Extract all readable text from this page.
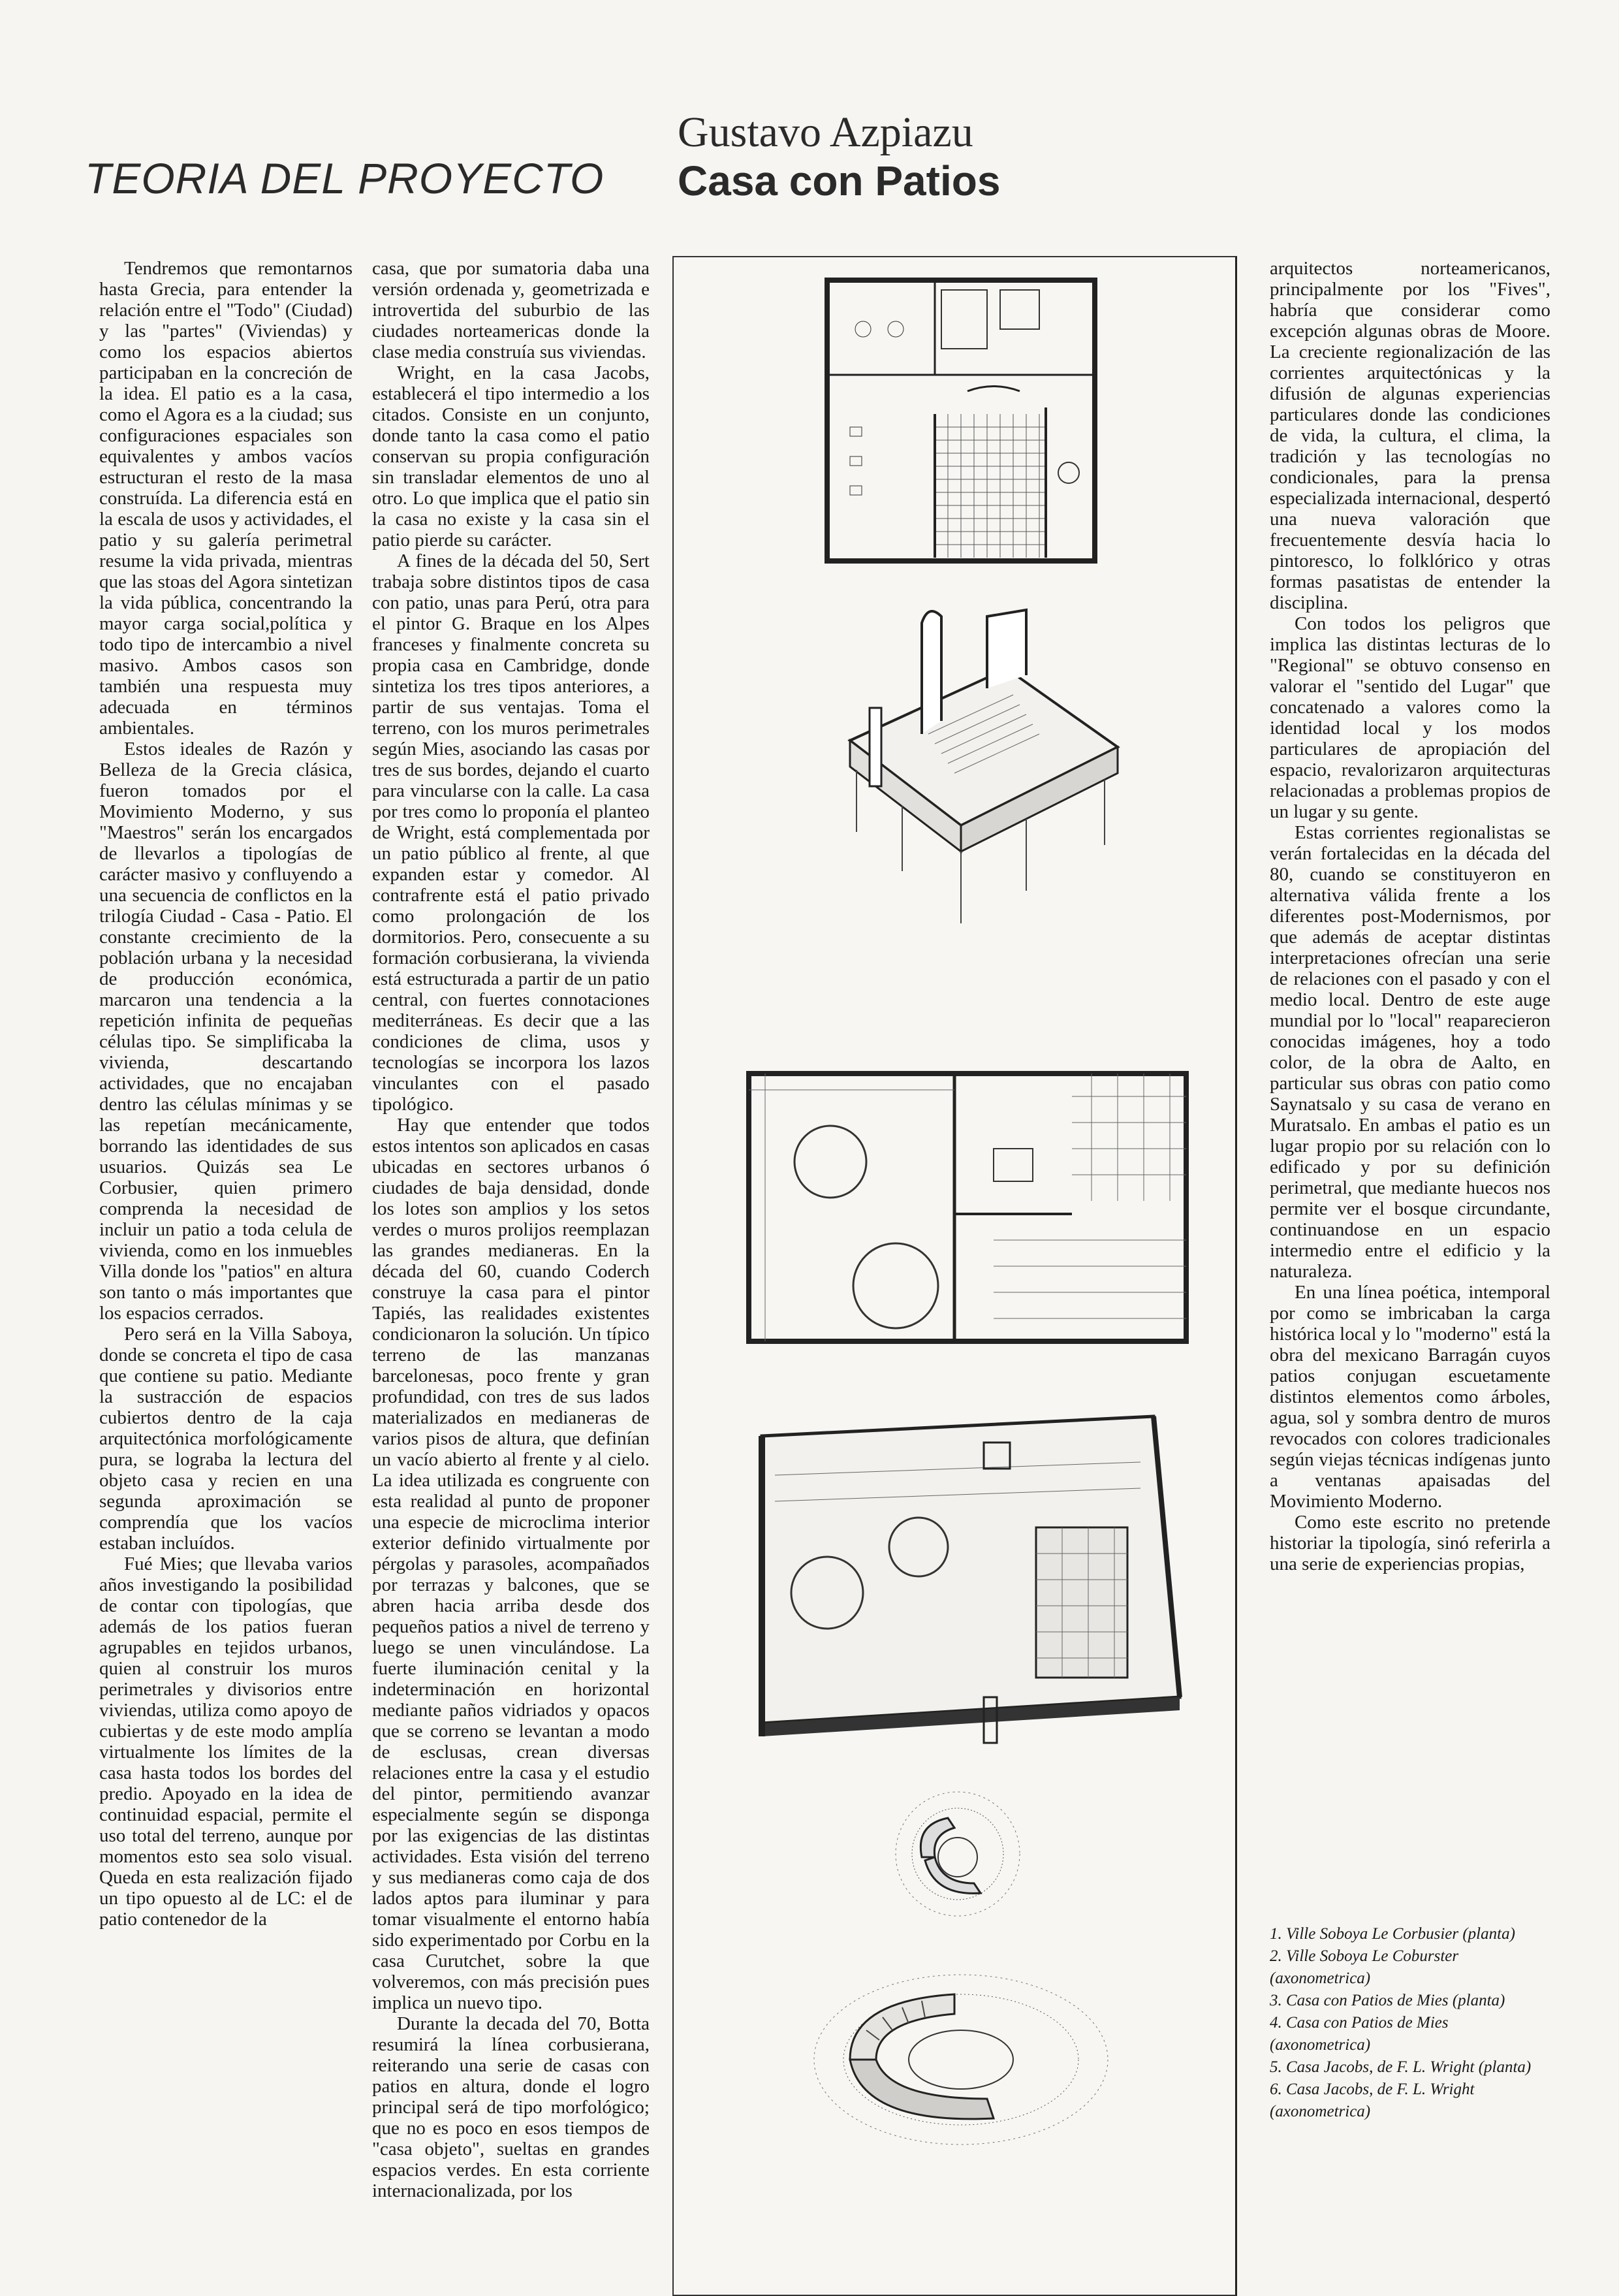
TEORIA DEL PROYECTO
Gustavo Azpiazu
Casa con Patios

Tendremos que remontarnos hasta Grecia, para entender la relación entre el "Todo" (Ciudad) y las "partes" (Viviendas) y como los espacios abiertos participaban en la concreción de la idea. El patio es a la casa, como el Agora es a la ciudad; sus configuraciones espaciales son equivalentes y ambos vacíos estructuran el resto de la masa construída. La diferencia está en la escala de usos y actividades, el patio y su galería perimetral resume la vida privada, mientras que las stoas del Agora sintetizan la vida pública, concentrando la mayor carga social,política y todo tipo de intercambio a nivel masivo. Ambos casos son también una respuesta muy adecuada en términos ambientales.

Estos ideales de Razón y Belleza de la Grecia clásica, fueron tomados por el Movimiento Moderno, y sus "Maestros" serán los encargados de llevarlos a tipologías de carácter masivo y confluyendo a una secuencia de conflictos en la trilogía Ciudad - Casa - Patio. El constante crecimiento de la población urbana y la necesidad de producción económica, marcaron una tendencia a la repetición infinita de pequeñas células tipo. Se simplificaba la vivienda, descartando actividades, que no encajaban dentro las células mínimas y se las repetían mecánicamente, borrando las identidades de sus usuarios. Quizás sea Le Corbusier, quien primero comprenda la necesidad de incluir un patio a toda celula de vivienda, como en los inmuebles Villa donde los "patios" en altura son tanto o más importantes que los espacios cerrados.

Pero será en la Villa Saboya, donde se concreta el tipo de casa que contiene su patio. Mediante la sustracción de espacios cubiertos dentro de la caja arquitectónica morfológicamente pura, se lograba la lectura del objeto casa y recien en una segunda aproximación se comprendía que los vacíos estaban incluídos.

Fué Mies; que llevaba varios años investigando la posibilidad de contar con tipologías, que además de los patios fueran agrupables en tejidos urbanos, quien al construir los muros perimetrales y divisorios entre viviendas, utiliza como apoyo de cubiertas y de este modo amplía virtualmente los límites de la casa hasta todos los bordes del predio. Apoyado en la idea de continuidad espacial, permite el uso total del terreno, aunque por momentos esto sea solo visual. Queda en esta realización fijado un tipo opuesto al de LC: el de patio contenedor de la

casa, que por sumatoria daba una versión ordenada y, geometrizada e introvertida del suburbio de las ciudades norteamericas donde la clase media construía sus viviendas.

Wright, en la casa Jacobs, establecerá el tipo intermedio a los citados. Consiste en un conjunto, donde tanto la casa como el patio conservan su propia configuración sin transladar elementos de uno al otro. Lo que implica que el patio sin la casa no existe y la casa sin el patio pierde su carácter.

A fines de la década del 50, Sert trabaja sobre distintos tipos de casa con patio, unas para Perú, otra para el pintor G. Braque en los Alpes franceses y finalmente concreta su propia casa en Cambridge, donde sintetiza los tres tipos anteriores, a partir de sus ventajas. Toma el terreno, con los muros perimetrales según Mies, asociando las casas por tres de sus bordes, dejando el cuarto para vincularse con la calle. La casa por tres como lo proponía el planteo de Wright, está complementada por un patio público al frente, al que expanden estar y comedor. Al contrafrente está el patio privado como prolongación de los dormitorios. Pero, consecuente a su formación corbusierana, la vivienda está estructurada a partir de un patio central, con fuertes connotaciones mediterráneas. Es decir que a las condiciones de clima, usos y tecnologías se incorpora los lazos vinculantes con el pasado tipológico.

Hay que entender que todos estos intentos son aplicados en casas ubicadas en sectores urbanos ó ciudades de baja densidad, donde los lotes son amplios y los setos verdes o muros prolijos reemplazan las grandes medianeras. En la década del 60, cuando Coderch construye la casa para el pintor Tapiés, las realidades existentes condicionaron la solución. Un típico terreno de las manzanas barcelonesas, poco frente y gran profundidad, con tres de sus lados materializados en medianeras de varios pisos de altura, que definían un vacío abierto al frente y al cielo. La idea utilizada es congruente con esta realidad al punto de proponer una especie de microclima interior exterior definido virtualmente por pérgolas y parasoles, acompañados por terrazas y balcones, que se abren hacia arriba desde dos pequeños patios a nivel de terreno y luego se unen vinculándose. La fuerte iluminación cenital y la indeterminación en horizontal mediante paños vidriados y opacos que se correno se levantan a modo de esclusas, crean diversas relaciones entre la casa y el estudio del pintor, permitiendo avanzar especialmente según se disponga por las exigencias de las distintas actividades. Esta visión del terreno y sus medianeras como caja de dos lados aptos para iluminar y para tomar visualmente el entorno había sido experimentado por Corbu en la casa Curutchet, sobre la que volveremos, con más precisión pues implica un nuevo tipo.

Durante la decada del 70, Botta resumirá la línea corbusierana, reiterando una serie de casas con patios en altura, donde el logro principal será de tipo morfológico; que no es poco en esos tiempos de "casa objeto", sueltas en grandes espacios verdes. En esta corriente internacionalizada, por los

arquitectos norteamericanos, principalmente por los "Fives", habría que considerar como excepción algunas obras de Moore. La creciente regionalización de las corrientes arquitectónicas y la difusión de algunas experiencias particulares donde las condiciones de vida, la cultura, el clima, la tradición y las tecnologías no condicionales, para la prensa especializada internacional, despertó una nueva valoración que frecuentemente desvía hacia lo pintoresco, lo folklórico y otras formas pasatistas de entender la disciplina.

Con todos los peligros que implica las distintas lecturas de lo "Regional" se obtuvo consenso en valorar el "sentido del Lugar" que concatenado a valores como la identidad local y los modos particulares de apropiación del espacio, revalorizaron arquitecturas relacionadas a problemas propios de un lugar y su gente.

Estas corrientes regionalistas se verán fortalecidas en la década del 80, cuando se constituyeron en alternativa válida frente a los diferentes post-Modernismos, por que además de aceptar distintas interpretaciones ofrecían una serie de relaciones con el pasado y con el medio local. Dentro de este auge mundial por lo "local" reaparecieron conocidas imágenes, hoy a todo color, de la obra de Aalto, en particular sus obras con patio como Saynatsalo y su casa de verano en Muratsalo. En ambas el patio es un lugar propio por su relación con lo edificado y por su definición perimetral, que mediante huecos nos permite ver el bosque circundante, continuandose en un espacio intermedio entre el edificio y la naturaleza.

En una línea poética, intemporal por como se imbricaban la carga histórica local y lo "moderno" está la obra del mexicano Barragán cuyos patios conjugan escuetamente distintos elementos como árboles, agua, sol y sombra dentro de muros revocados con colores tradicionales según viejas técnicas indígenas junto a ventanas apaisadas del Movimiento Moderno.

Como este escrito no pretende historiar la tipología, sinó referirla a una serie de experiencias propias,

1. Ville Soboya Le Corbusier (planta)
2. Ville Soboya Le Coburster (axonometrica)
3. Casa con Patios de Mies (planta)
4. Casa con Patios de Mies (axonometrica)
5. Casa Jacobs, de F. L. Wright (planta)
6. Casa Jacobs, de F. L. Wright (axonometrica)
